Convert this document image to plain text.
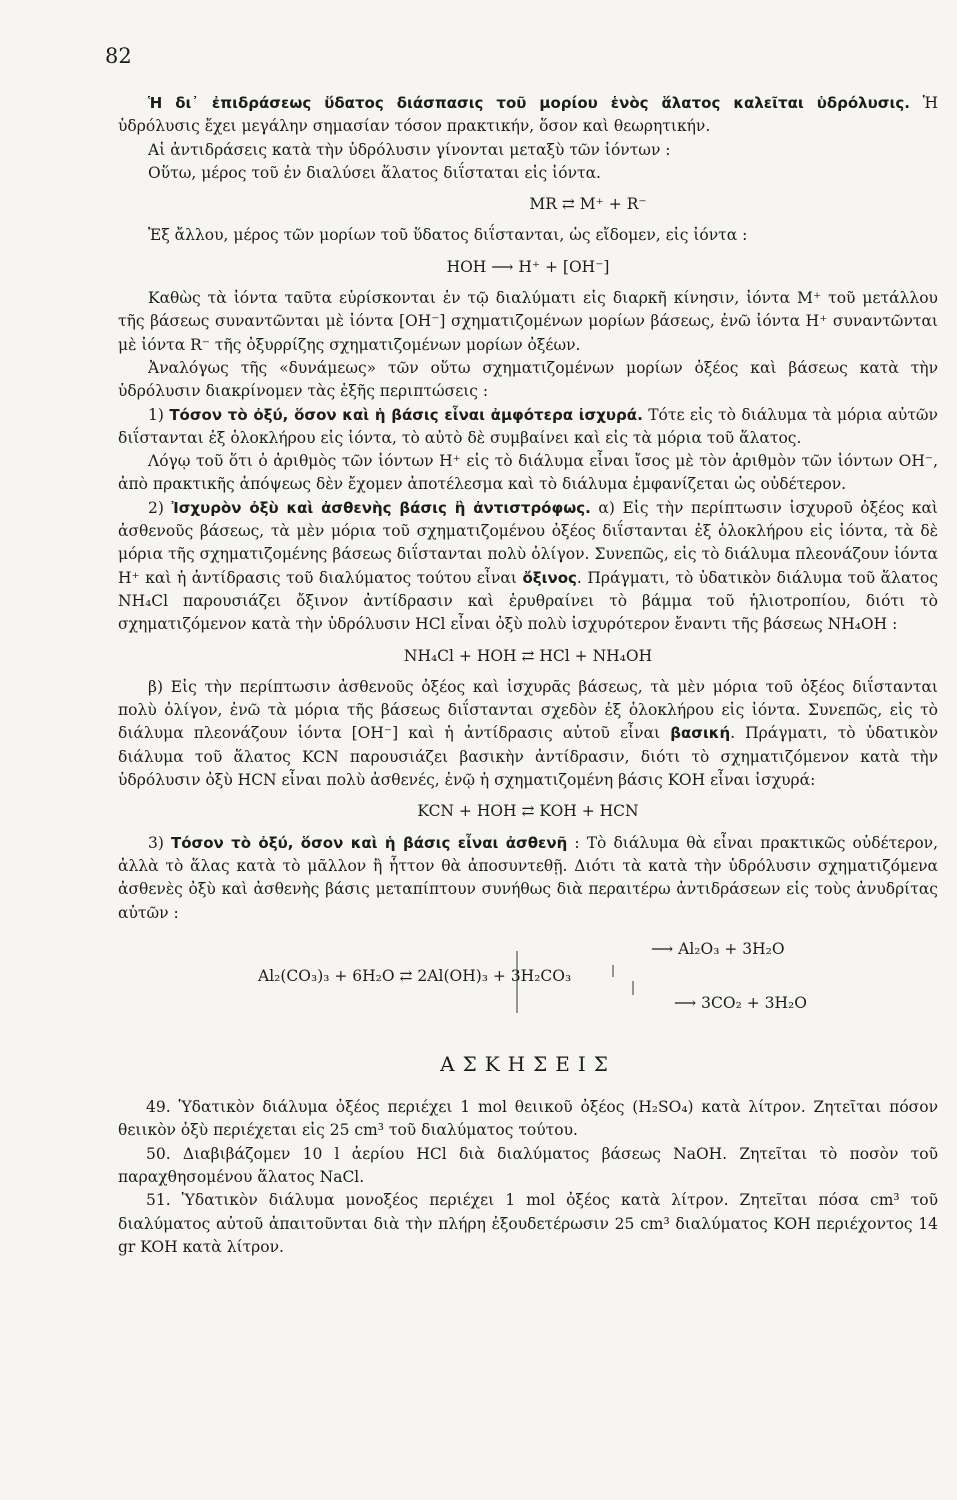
82

Ἡ δι᾽ ἐπιδράσεως ὕδατος διάσπασις τοῦ μορίου ἑνὸς ἅλατος καλεῖται ὑδρόλυσις. Ἡ ὑδρόλυσις ἔχει μεγάλην σημασίαν τόσον πρακτικήν, ὅσον καὶ θεωρητικήν.

Αἱ ἀντιδράσεις κατὰ τὴν ὑδρόλυσιν γίνονται μεταξὺ τῶν ἰόντων :

Οὕτω, μέρος τοῦ ἐν διαλύσει ἅλατος διΐσταται εἰς ἰόντα.

MR ⇄ M⁺ + R⁻

Ἐξ ἄλλου, μέρος τῶν μορίων τοῦ ὕδατος διΐστανται, ὡς εἴδομεν, εἰς ἰόντα :

HOH ⟶ H⁺ + [OH⁻]

Καθὼς τὰ ἰόντα ταῦτα εὑρίσκονται ἐν τῷ διαλύματι εἰς διαρκῆ κίνησιν, ἰόντα M⁺ τοῦ μετάλλου τῆς βάσεως συναντῶνται μὲ ἰόντα [OH⁻] σχηματιζομένων μορίων βάσεως, ἐνῶ ἰόντα H⁺ συναντῶνται μὲ ἰόντα R⁻ τῆς ὀξυρρίζης σχηματιζομένων μορίων ὀξέων.

Ἀναλόγως τῆς «δυνάμεως» τῶν οὕτω σχηματιζομένων μορίων ὀξέος καὶ βάσεως κατὰ τὴν ὑδρόλυσιν διακρίνομεν τὰς ἑξῆς περιπτώσεις :

1) Τόσον τὸ ὀξύ, ὅσον καὶ ἡ βάσις εἶναι ἀμφότερα ἰσχυρά. Τότε εἰς τὸ διάλυμα τὰ μόρια αὐτῶν διΐστανται ἐξ ὁλοκλήρου εἰς ἰόντα, τὸ αὐτὸ δὲ συμβαίνει καὶ εἰς τὰ μόρια τοῦ ἅλατος.

Λόγῳ τοῦ ὅτι ὁ ἀριθμὸς τῶν ἰόντων H⁺ εἰς τὸ διάλυμα εἶναι ἴσος μὲ τὸν ἀριθμὸν τῶν ἰόντων OH⁻, ἀπὸ πρακτικῆς ἀπόψεως δὲν ἔχομεν ἀποτέλεσμα καὶ τὸ διάλυμα ἐμφανίζεται ὡς οὐδέτερον.

2) Ἰσχυρὸν ὀξὺ καὶ ἀσθενὴς βάσις ἢ ἀντιστρόφως. α) Εἰς τὴν περίπτωσιν ἰσχυροῦ ὀξέος καὶ ἀσθενοῦς βάσεως, τὰ μὲν μόρια τοῦ σχηματιζομένου ὀξέος διΐστανται ἐξ ὁλοκλήρου εἰς ἰόντα, τὰ δὲ μόρια τῆς σχηματιζομένης βάσεως διΐστανται πολὺ ὀλίγον. Συνεπῶς, εἰς τὸ διάλυμα πλεονάζουν ἰόντα H⁺ καὶ ἡ ἀντίδρασις τοῦ διαλύματος τούτου εἶναι ὄξινος. Πράγματι, τὸ ὑδατικὸν διάλυμα τοῦ ἅλατος NH₄Cl παρουσιάζει ὄξινον ἀντίδρασιν καὶ ἐρυθραίνει τὸ βάμμα τοῦ ἡλιοτροπίου, διότι τὸ σχηματιζόμενον κατὰ τὴν ὑδρόλυσιν HCl εἶναι ὀξὺ πολὺ ἰσχυρότερον ἔναντι τῆς βάσεως NH₄OH :

NH₄Cl + HOH ⇄ HCl + NH₄OH

β) Εἰς τὴν περίπτωσιν ἀσθενοῦς ὀξέος καὶ ἰσχυρᾶς βάσεως, τὰ μὲν μόρια τοῦ ὀξέος διΐστανται πολὺ ὀλίγον, ἐνῶ τὰ μόρια τῆς βάσεως διΐστανται σχεδὸν ἐξ ὁλοκλήρου εἰς ἰόντα. Συνεπῶς, εἰς τὸ διάλυμα πλεονάζουν ἰόντα [OH⁻] καὶ ἡ ἀντίδρασις αὐτοῦ εἶναι βασική. Πράγματι, τὸ ὑδατικὸν διάλυμα τοῦ ἅλατος KCN παρουσιάζει βασικὴν ἀντίδρασιν, διότι τὸ σχηματιζόμενον κατὰ τὴν ὑδρόλυσιν ὀξὺ HCN εἶναι πολὺ ἀσθενές, ἐνῷ ἡ σχηματιζομένη βάσις KOH εἶναι ἰσχυρά:

KCN + HOH ⇄ KOH + HCN

3) Τόσον τὸ ὀξύ, ὅσον καὶ ἡ βάσις εἶναι ἀσθενῆ : Τὸ διάλυμα θὰ εἶναι πρακτικῶς οὐδέτερον, ἀλλὰ τὸ ἅλας κατὰ τὸ μᾶλλον ἢ ἧττον θὰ ἀποσυντεθῇ. Διότι τὰ κατὰ τὴν ὑδρόλυσιν σχηματιζόμενα ἀσθενὲς ὀξὺ καὶ ἀσθενὴς βάσις μεταπίπτουν συνήθως διὰ περαιτέρω ἀντιδράσεων εἰς τοὺς ἀνυδρίτας αὐτῶν :

Al₂(CO₃)₃ + 6H₂O ⇄ 2Al(OH)₃ + 3H₂CO₃
⟶ Al₂O₃ + 3H₂O
⟶ 3CO₂ + 3H₂O

ΑΣΚΗΣΕΙΣ

49. Ὑδατικὸν διάλυμα ὀξέος περιέχει 1 mol θειικοῦ ὀξέος (H₂SO₄) κατὰ λίτρον. Ζητεῖται πόσον θειικὸν ὀξὺ περιέχεται εἰς 25 cm³ τοῦ διαλύματος τούτου.

50. Διαβιβάζομεν 10 l ἀερίου HCl διὰ διαλύματος βάσεως NaOH. Ζητεῖται τὸ ποσὸν τοῦ παραχθησομένου ἅλατος NaCl.

51. Ὑδατικὸν διάλυμα μονοξέος περιέχει 1 mol ὀξέος κατὰ λίτρον. Ζητεῖται πόσα cm³ τοῦ διαλύματος αὐτοῦ ἀπαιτοῦνται διὰ τὴν πλήρη ἐξουδετέρωσιν 25 cm³ διαλύματος KOH περιέχοντος 14 gr KOH κατὰ λίτρον.
